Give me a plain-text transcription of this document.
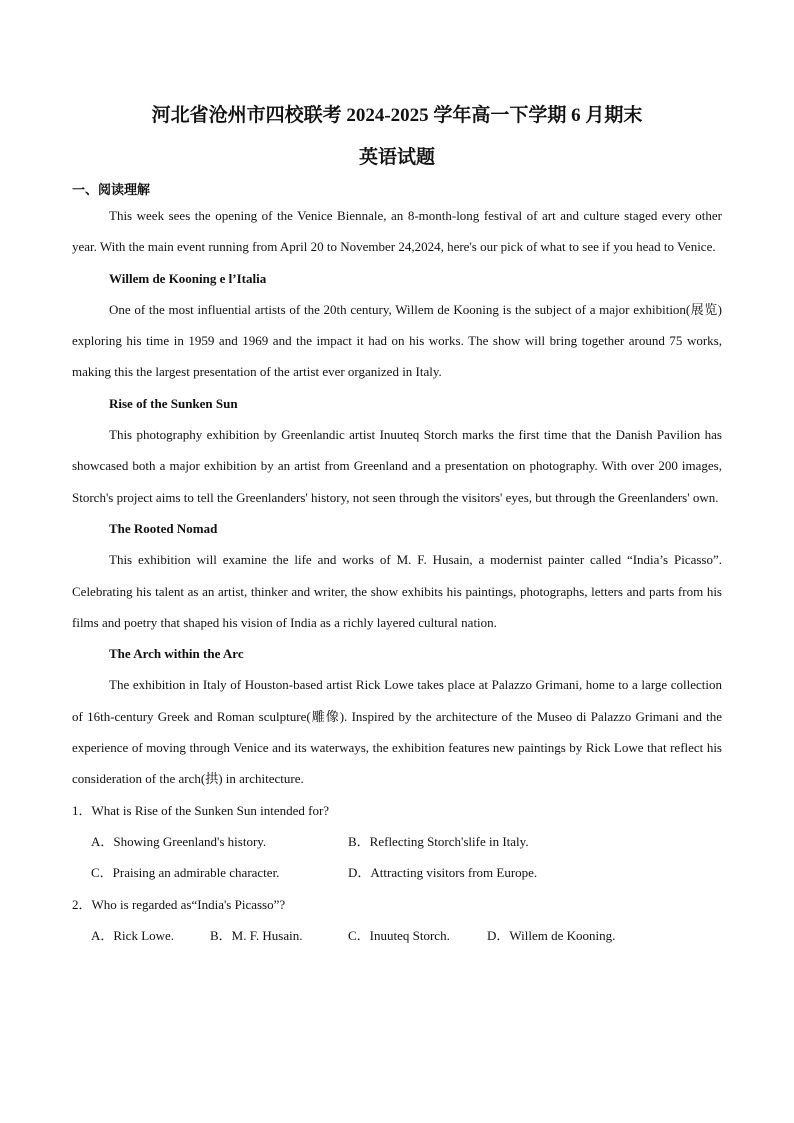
河北省沧州市四校联考 2024-2025 学年高一下学期 6 月期末
英语试题
一、阅读理解

This week sees the opening of the Venice Biennale, an 8-month-long festival of art and culture staged every other year. With the main event running from April 20 to November 24,2024, here's our pick of what to see if you head to Venice.

Willem de Kooning e l’Italia

One of the most influential artists of the 20th century, Willem de Kooning is the subject of a major exhibition(展览) exploring his time in 1959 and 1969 and the impact it had on his works. The show will bring together around 75 works, making this the largest presentation of the artist ever organized in Italy.

Rise of the Sunken Sun

This photography exhibition by Greenlandic artist Inuuteq Storch marks the first time that the Danish Pavilion has showcased both a major exhibition by an artist from Greenland and a presentation on photography. With over 200 images, Storch's project aims to tell the Greenlanders' history, not seen through the visitors' eyes, but through the Greenlanders' own.

The Rooted Nomad

This exhibition will examine the life and works of M. F. Husain, a modernist painter called “India’s Picasso”. Celebrating his talent as an artist, thinker and writer, the show exhibits his paintings, photographs, letters and parts from his films and poetry that shaped his vision of India as a richly layered cultural nation.

The Arch within the Arc

The exhibition in Italy of Houston-based artist Rick Lowe takes place at Palazzo Grimani, home to a large collection of 16th-century Greek and Roman sculpture(雕像). Inspired by the architecture of the Museo di Palazzo Grimani and the experience of moving through Venice and its waterways, the exhibition features new paintings by Rick Lowe that reflect his consideration of the arch(拱) in architecture.

1．What is Rise of the Sunken Sun intended for?
A．Showing Greenland's history.	B．Reflecting Storch'slife in Italy.
C．Praising an admirable character.	D．Attracting visitors from Europe.
2．Who is regarded as“India's Picasso”?
A．Rick Lowe.	B．M. F. Husain.	C．Inuuteq Storch.	D．Willem de Kooning.
